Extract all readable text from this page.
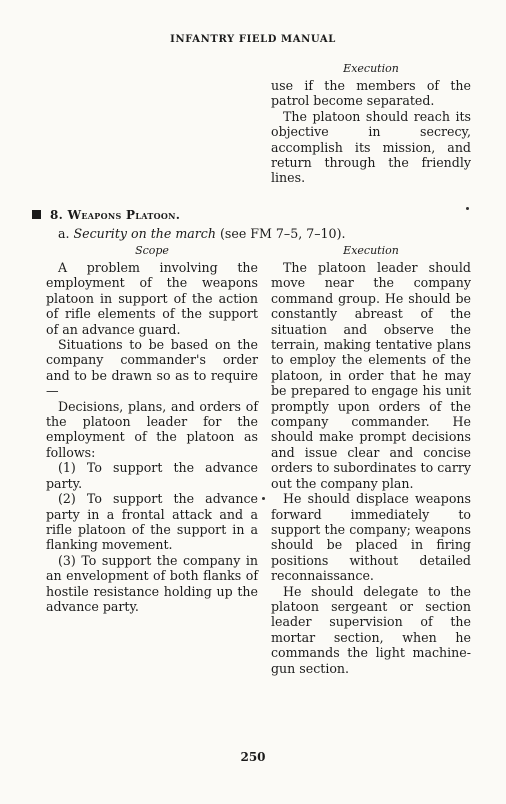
INFANTRY FIELD MANUAL
Execution

use if the members of the patrol become separated.

The platoon should reach its objective in secrecy, accomplish its mission, and return through the friendly lines.

8. Weapons Platoon.
a. Security on the march (see FM 7–5, 7–10).
Scope

A problem involving the employment of the weapons platoon in support of the action of rifle elements of the support of an advance guard.

Situations to be based on the company commander's order and to be drawn so as to require—

Decisions, plans, and orders of the platoon leader for the employment of the platoon as follows:

(1) To support the advance party.

(2) To support the advance party in a frontal attack and a rifle platoon of the support in a flanking movement.

(3) To support the company in an envelopment of both flanks of hostile resistance holding up the advance party.

Execution

The platoon leader should move near the company command group. He should be constantly abreast of the situation and observe the terrain, making tentative plans to employ the elements of the platoon, in order that he may be prepared to engage his unit promptly upon orders of the company commander. He should make prompt decisions and issue clear and concise orders to subordinates to carry out the company plan.

He should displace weapons forward immediately to support the company; weapons should be placed in firing positions without detailed reconnaissance.

He should delegate to the platoon sergeant or section leader supervision of the mortar section, when he commands the light machine-gun section.

250
